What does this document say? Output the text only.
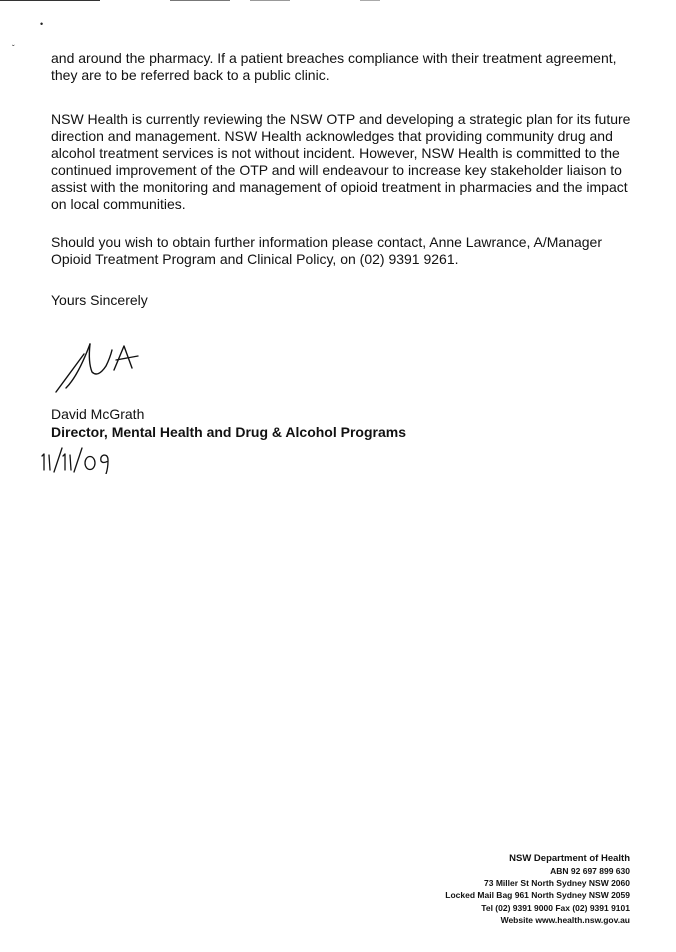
•
ˇ

and around the pharmacy. If a patient breaches compliance with their treatment agreement,
they are to be referred back to a public clinic.

NSW Health is currently reviewing the NSW OTP and developing a strategic plan for its future
direction and management. NSW Health acknowledges that providing community drug and
alcohol treatment services is not without incident. However, NSW Health is committed to the
continued improvement of the OTP and will endeavour to increase key stakeholder liaison to
assist with the monitoring and management of opioid treatment in pharmacies and the impact
on local communities.

Should you wish to obtain further information please contact, Anne Lawrance, A/Manager
Opioid Treatment Program and Clinical Policy, on (02) 9391 9261.

Yours Sincerely

David McGrath

Director, Mental Health and Drug & Alcohol Programs

NSW Department of Health
ABN 92 697 899 630
73 Miller St North Sydney NSW 2060
Locked Mail Bag 961 North Sydney NSW 2059
Tel (02) 9391 9000 Fax (02) 9391 9101
Website www.health.nsw.gov.au
